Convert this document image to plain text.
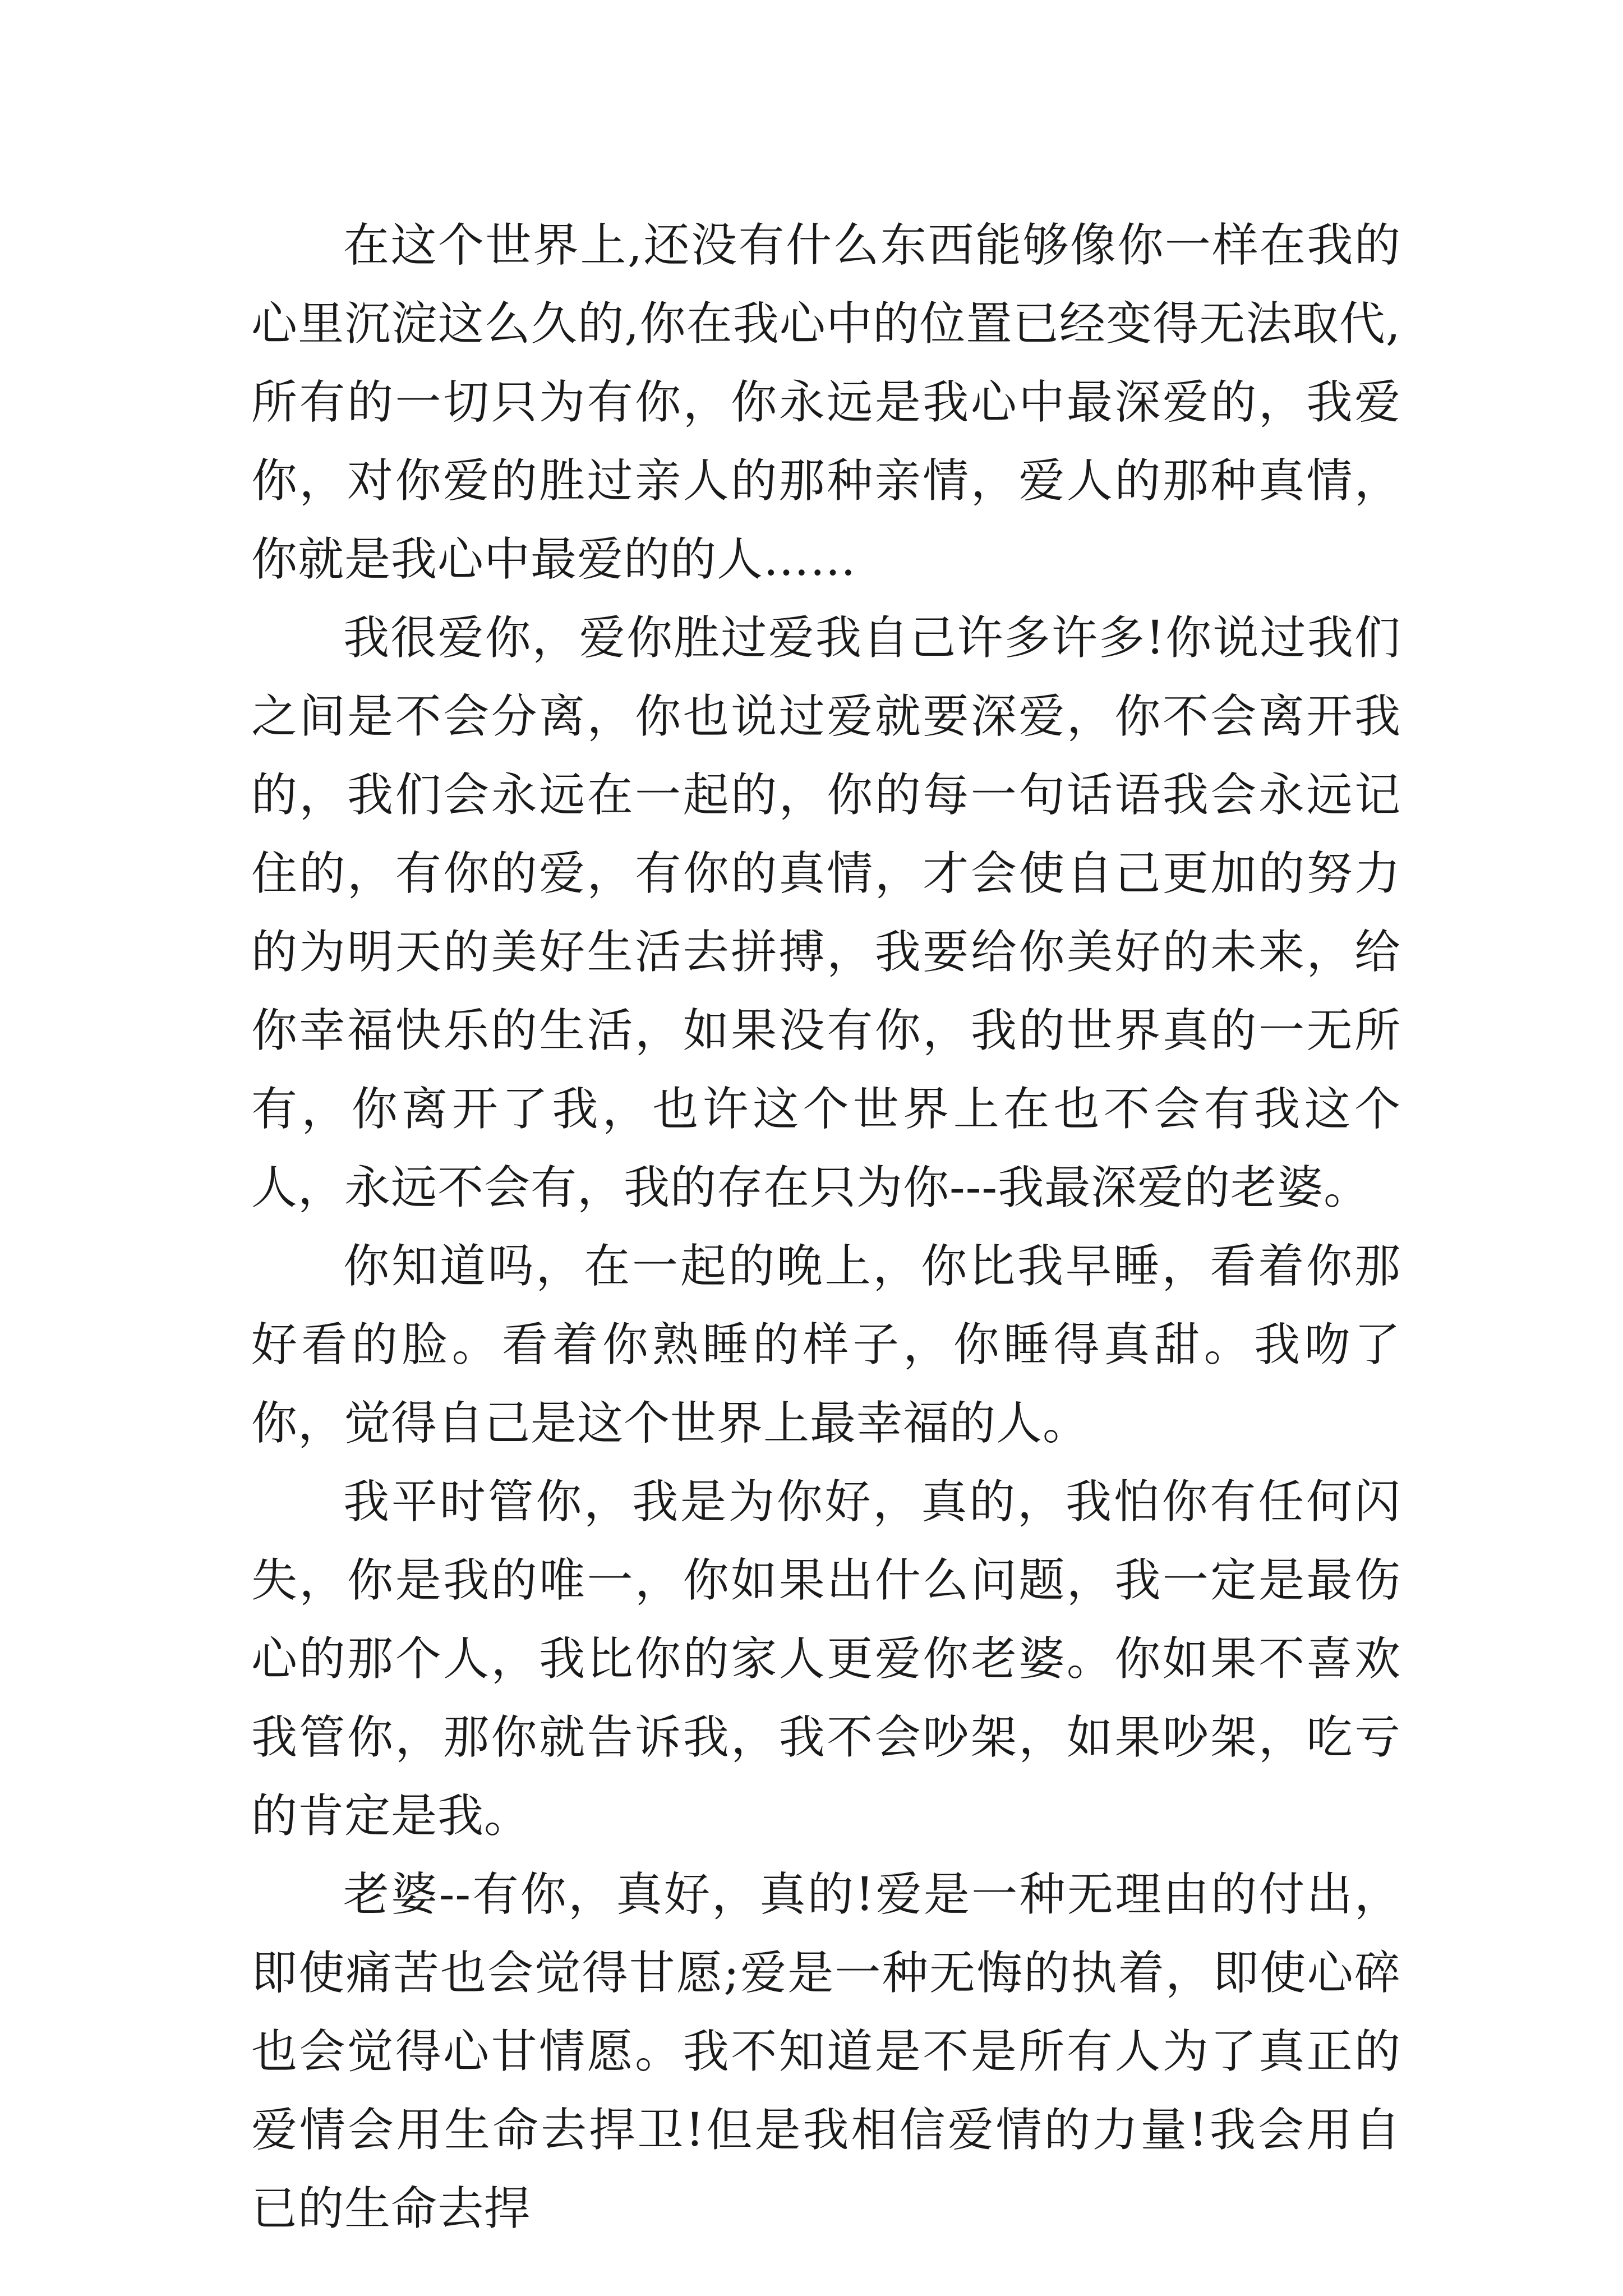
在这个世界上,还没有什么东西能够像你一样在我的心里沉淀这么久的,你在我心中的位置已经变得无法取代,所有的一切只为有你，你永远是我心中最深爱的，我爱你，对你爱的胜过亲人的那种亲情，爱人的那种真情，你就是我心中最爱的的人……

我很爱你，爱你胜过爱我自己许多许多!你说过我们之间是不会分离，你也说过爱就要深爱，你不会离开我的，我们会永远在一起的，你的每一句话语我会永远记住的，有你的爱，有你的真情，才会使自己更加的努力的为明天的美好生活去拼搏，我要给你美好的未来，给你幸福快乐的生活，如果没有你，我的世界真的一无所有，你离开了我，也许这个世界上在也不会有我这个人，永远不会有，我的存在只为你---我最深爱的老婆。

你知道吗，在一起的晚上，你比我早睡，看着你那好看的脸。看着你熟睡的样子，你睡得真甜。我吻了你，觉得自己是这个世界上最幸福的人。

我平时管你，我是为你好，真的，我怕你有任何闪失，你是我的唯一，你如果出什么问题，我一定是最伤心的那个人，我比你的家人更爱你老婆。你如果不喜欢我管你，那你就告诉我，我不会吵架，如果吵架，吃亏的肯定是我。

老婆--有你，真好，真的!爱是一种无理由的付出，即使痛苦也会觉得甘愿;爱是一种无悔的执着，即使心碎也会觉得心甘情愿。我不知道是不是所有人为了真正的爱情会用生命去捍卫!但是我相信爱情的力量!我会用自已的生命去捍
